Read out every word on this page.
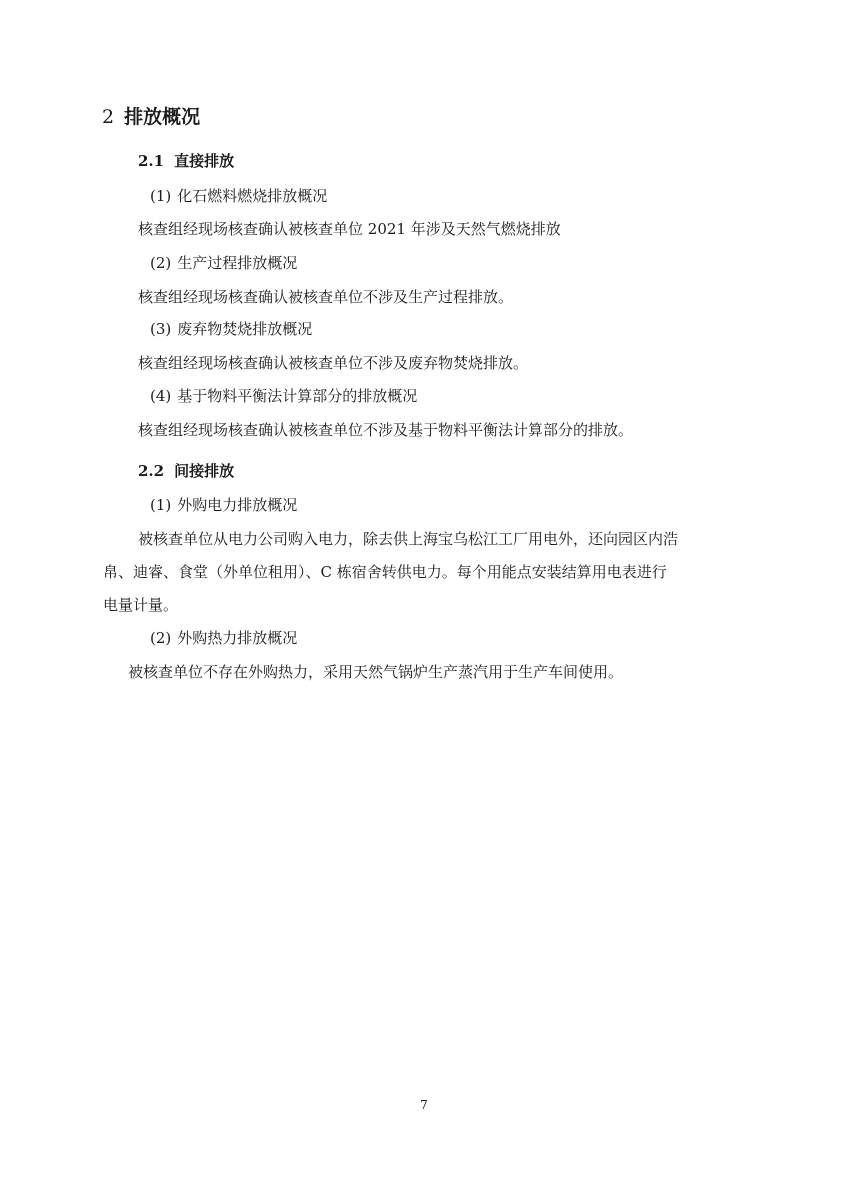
2 排放概况
2.1 直接排放
(1) 化石燃料燃烧排放概况
核查组经现场核查确认被核查单位 2021 年涉及天然气燃烧排放
(2) 生产过程排放概况
核查组经现场核查确认被核查单位不涉及生产过程排放。
(3) 废弃物焚烧排放概况
核查组经现场核查确认被核查单位不涉及废弃物焚烧排放。
(4) 基于物料平衡法计算部分的排放概况
核查组经现场核查确认被核查单位不涉及基于物料平衡法计算部分的排放。
2.2 间接排放
(1) 外购电力排放概况
被核查单位从电力公司购入电力，除去供上海宝乌松江工厂用电外，还向园区内浩
帛、迪睿、食堂（外单位租用）、C 栋宿舍转供电力。每个用能点安装结算用电表进行
电量计量。
(2) 外购热力排放概况
被核查单位不存在外购热力，采用天然气锅炉生产蒸汽用于生产车间使用。
7
